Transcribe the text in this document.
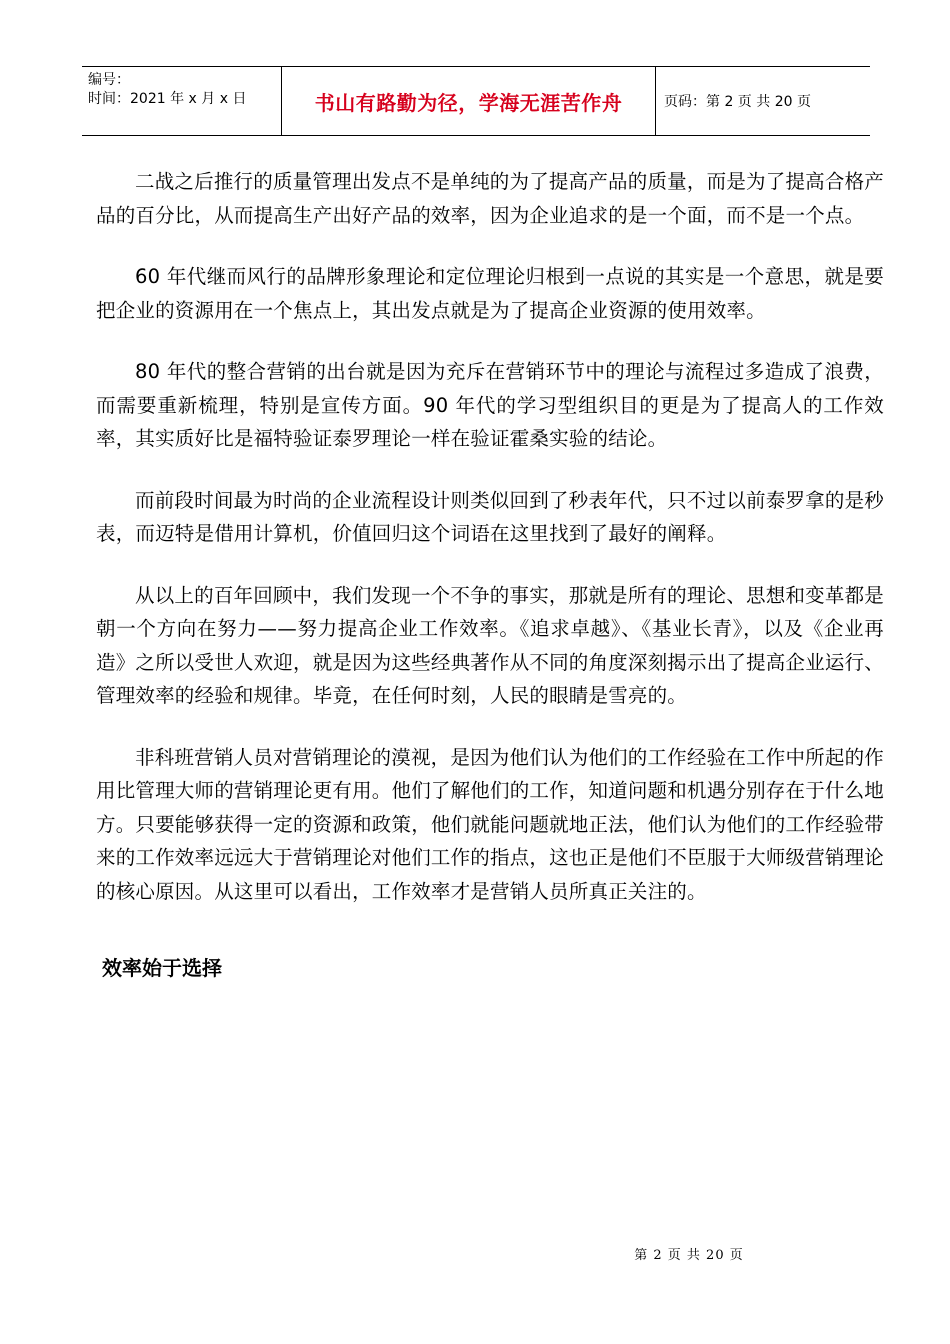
编号：
时间：2021 年 x 月 x 日	书山有路勤为径，学海无涯苦作舟	页码：第 2 页 共 20 页

二战之后推行的质量管理出发点不是单纯的为了提高产品的质量，而是为了提高合格产品的百分比，从而提高生产出好产品的效率，因为企业追求的是一个面，而不是一个点。

60 年代继而风行的品牌形象理论和定位理论归根到一点说的其实是一个意思，就是要把企业的资源用在一个焦点上，其出发点就是为了提高企业资源的使用效率。

80 年代的整合营销的出台就是因为充斥在营销环节中的理论与流程过多造成了浪费，而需要重新梳理，特别是宣传方面。90 年代的学习型组织目的更是为了提高人的工作效率，其实质好比是福特验证泰罗理论一样在验证霍桑实验的结论。

而前段时间最为时尚的企业流程设计则类似回到了秒表年代，只不过以前泰罗拿的是秒表，而迈特是借用计算机，价值回归这个词语在这里找到了最好的阐释。

从以上的百年回顾中，我们发现一个不争的事实，那就是所有的理论、思想和变革都是朝一个方向在努力——努力提高企业工作效率。《追求卓越》、《基业长青》，以及《企业再造》之所以受世人欢迎，就是因为这些经典著作从不同的角度深刻揭示出了提高企业运行、管理效率的经验和规律。毕竟，在任何时刻，人民的眼睛是雪亮的。

非科班营销人员对营销理论的漠视，是因为他们认为他们的工作经验在工作中所起的作用比管理大师的营销理论更有用。他们了解他们的工作，知道问题和机遇分别存在于什么地方。只要能够获得一定的资源和政策，他们就能问题就地正法，他们认为他们的工作经验带来的工作效率远远大于营销理论对他们工作的指点，这也正是他们不臣服于大师级营销理论的核心原因。从这里可以看出，工作效率才是营销人员所真正关注的。

效率始于选择
第 2 页 共 20 页
